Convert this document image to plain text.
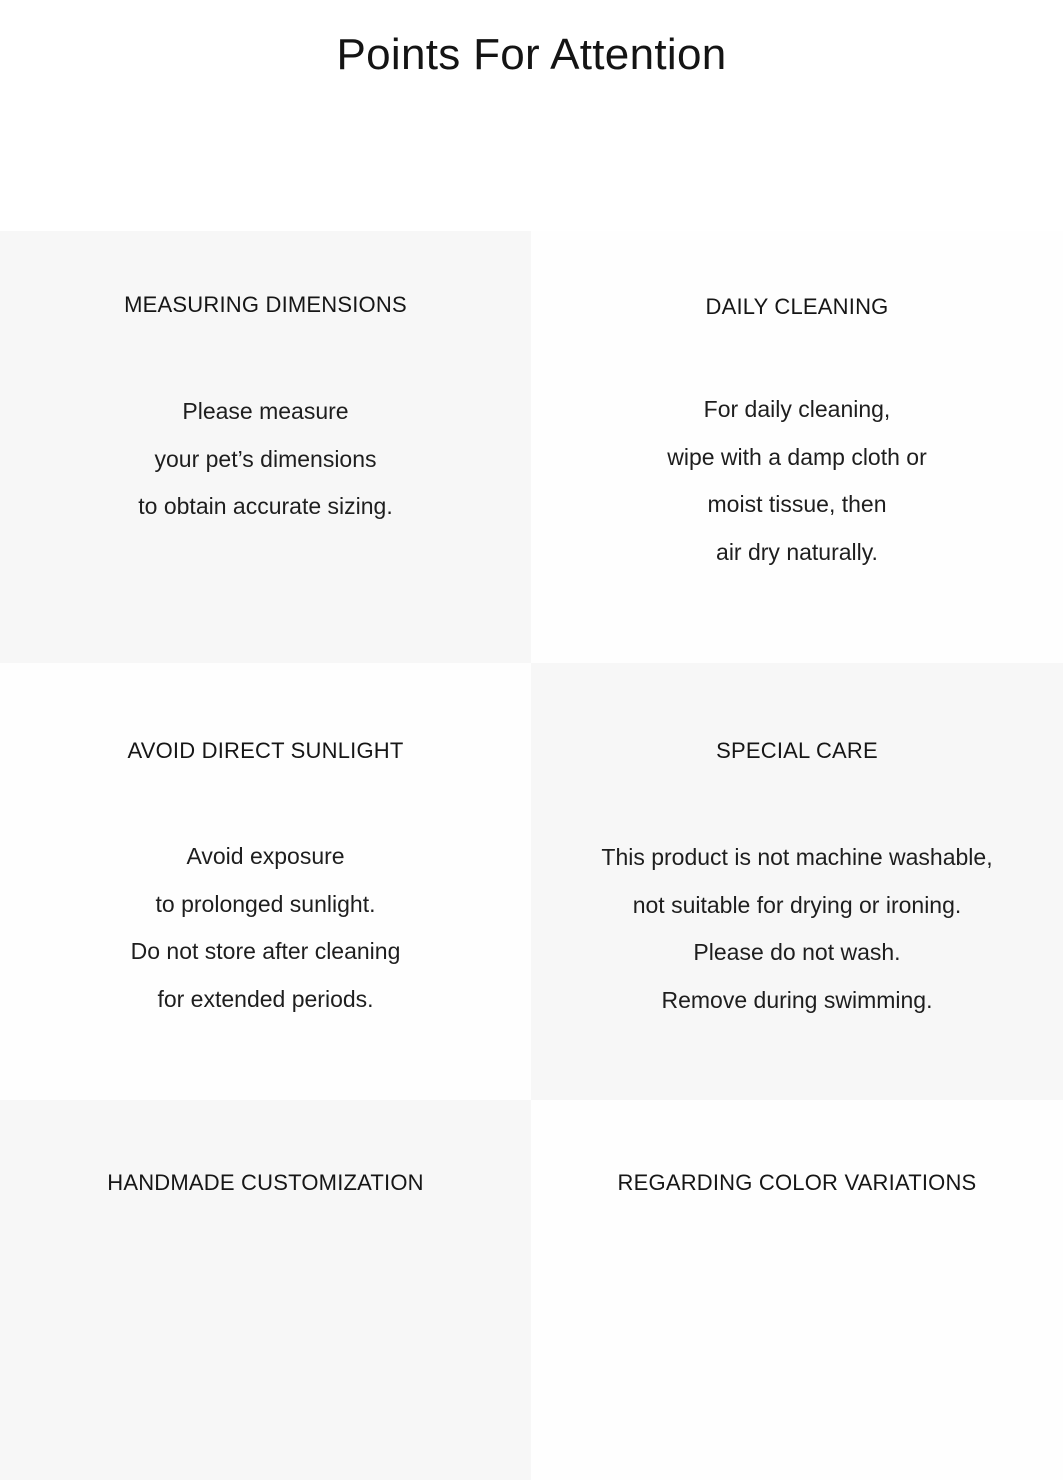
Points For Attention
MEASURING DIMENSIONS

Please measure
your pet’s dimensions
to obtain accurate sizing.

DAILY CLEANING

For daily cleaning,
wipe with a damp cloth or
moist tissue, then
air dry naturally.

AVOID DIRECT SUNLIGHT

Avoid exposure
to prolonged sunlight.
Do not store after cleaning
for extended periods.

SPECIAL CARE

This product is not machine washable,
not suitable for drying or ironing.
Please do not wash.
Remove during swimming.

HANDMADE CUSTOMIZATION	REGARDING COLOR VARIATIONS
